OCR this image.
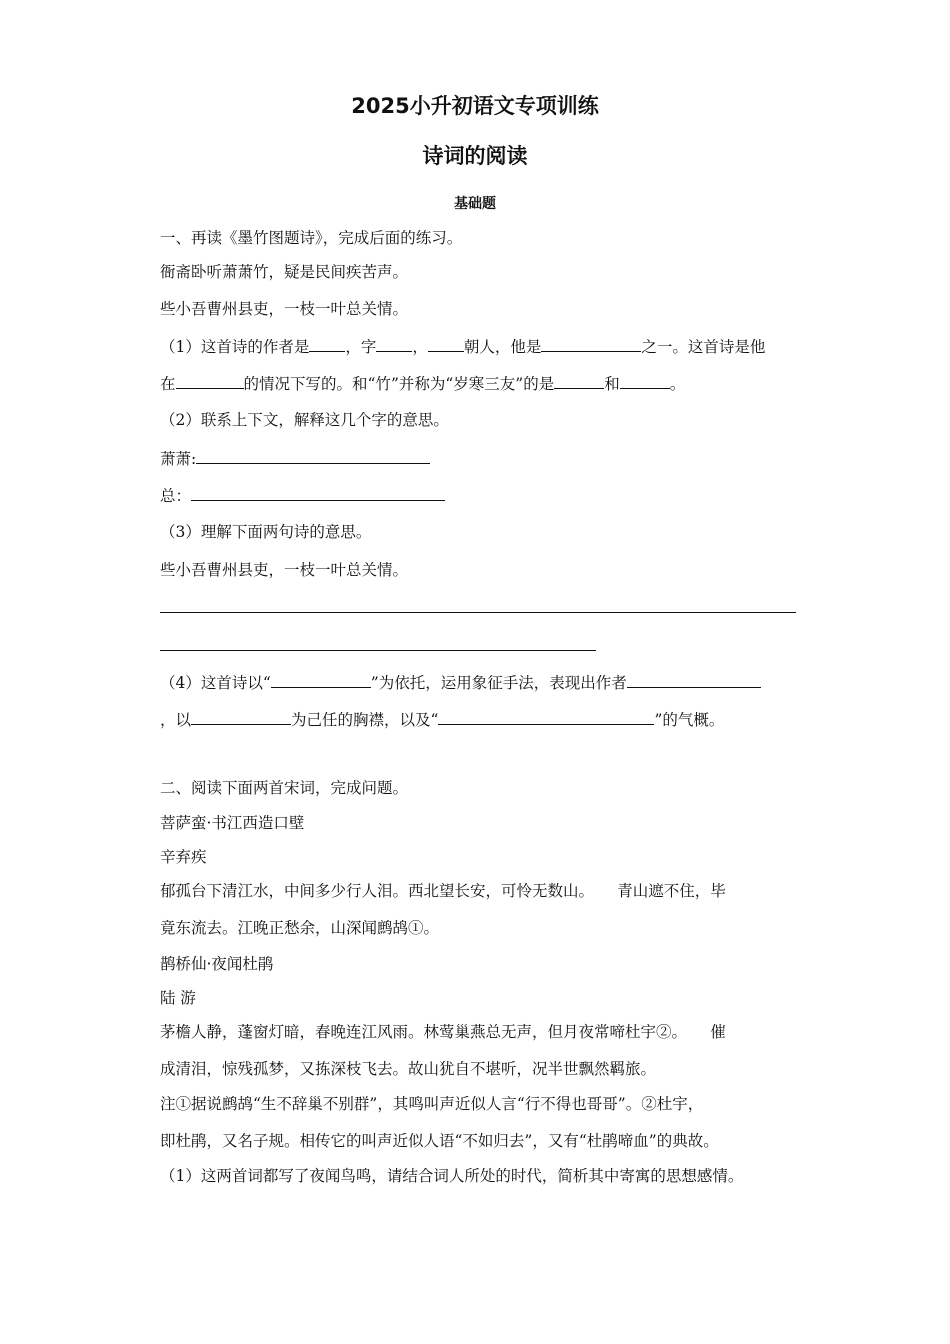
2025小升初语文专项训练
诗词的阅读
基础题
一、再读《墨竹图题诗》，完成后面的练习。
衙斋卧听萧萧竹，疑是民间疾苦声。
些小吾曹州县吏，一枝一叶总关情。
（1）这首诗的作者是 ，字 ， 朝人，他是	之一。这首诗是他
在	的情况下写的。和“竹”并称为“岁寒三友”的是	和	。
（2）联系上下文，解释这几个字的意思。
萧萧:
总：
（3）理解下面两句诗的意思。
些小吾曹州县吏，一枝一叶总关情。
（4）这首诗以“	”为依托，运用象征手法，表现出作者
，以	为己任的胸襟，以及“	”的气概。
二、阅读下面两首宋词，完成问题。
菩萨蛮·书江西造口壁
辛弃疾
郁孤台下清江水，中间多少行人泪。西北望长安，可怜无数山。　　青山遮不住，毕
竟东流去。江晚正愁余，山深闻鹧鸪①。
鹊桥仙·夜闻杜鹃
陆 游
茅檐人静，蓬窗灯暗，春晚连江风雨。林莺巢燕总无声，但月夜常啼杜宇②。　　催
成清泪，惊残孤梦，又拣深枝飞去。故山犹自不堪听，况半世飘然羁旅。
注①据说鹧鸪“生不辞巢不别群”，其鸣叫声近似人言“行不得也哥哥”。②杜宇，
即杜鹃，又名子规。相传它的叫声近似人语“不如归去”，又有“杜鹃啼血”的典故。
（1）这两首词都写了夜闻鸟鸣，请结合词人所处的时代，简析其中寄寓的思想感情。
